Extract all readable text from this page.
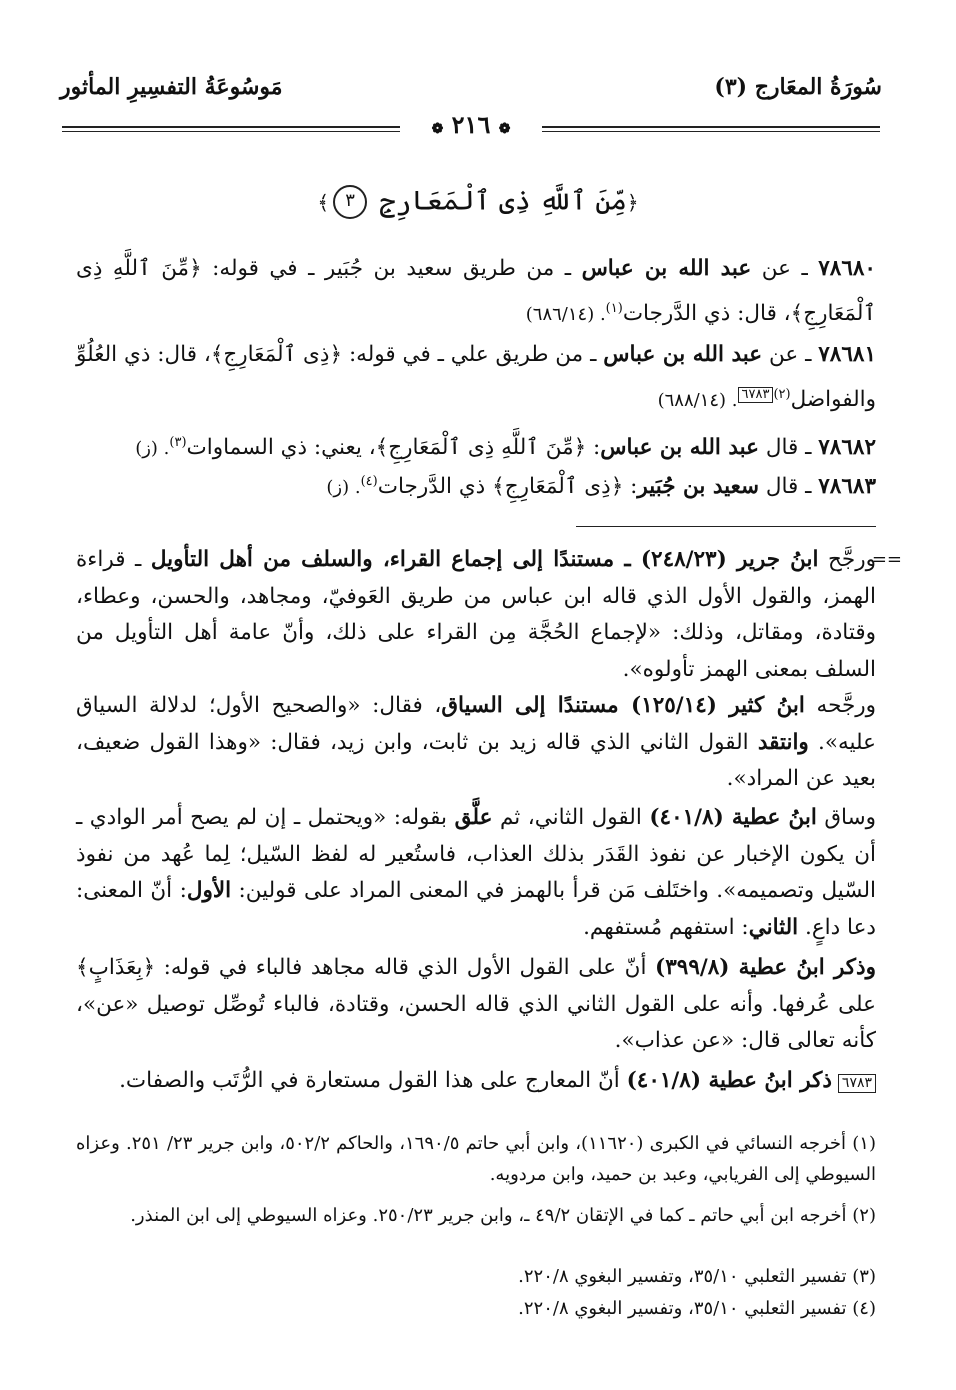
سُورَةُ المعَارج (٣)
مَوسُوعَةُ التفسِيرِ المأثور
❁ ٢١٦ ❁
﴿مِّنَ ٱللَّهِ ذِى ٱلْمَعَارِجِ ٣﴾

٧٨٦٨٠ ـ عن عبد الله بن عباس ـ من طريق سعيد بن جُبَير ـ في قوله: ﴿مِّنَ ٱللَّهِ ذِى ٱلْمَعَارِجِ﴾، قال: ذي الدَّرجات$^{(١)}$. (٦٨٦/١٤)

٧٨٦٨١ ـ عن عبد الله بن عباس ـ من طريق علي ـ في قوله: ﴿ذِى ٱلْمَعَارِجِ﴾، قال: ذي العُلُوِّ والفواضل$^{(٢)}$٦٧٨٣. (٦٨٨/١٤)

٧٨٦٨٢ ـ قال عبد الله بن عباس: ﴿مِّنَ ٱللَّهِ ذِى ٱلْمَعَارِجِ﴾، يعني: ذي السماوات$^{(٣)}$. (ز)

٧٨٦٨٣ ـ قال سعيد بن جُبَير: ﴿ذِى ٱلْمَعَارِجِ﴾ ذي الدَّرجات$^{(٤)}$. (ز)

==

ورجَّح ابنُ جرير (٢٤٨/٢٣) ـ مستندًا إلى إجماع القراء، والسلف من أهل التأويل ـ قراءة الهمز، والقول الأول الذي قاله ابن عباس من طريق العَوفيّ، ومجاهد، والحسن، وعطاء، وقتادة، ومقاتل، وذلك: «لإجماع الحُجَّة مِن القراء على ذلك، وأنّ عامة أهل التأويل من السلف بمعنى الهمز تأولوه».

ورجَّحه ابنُ كثير (١٢٥/١٤) مستندًا إلى السياق، فقال: «والصحيح الأول؛ لدلالة السياق عليه». وانتقد القول الثاني الذي قاله زيد بن ثابت، وابن زيد، فقال: «وهذا القول ضعيف، بعيد عن المراد».

وساق ابنُ عطية (٤٠١/٨) القول الثاني، ثم علَّق بقوله: «ويحتمل ـ إن لم يصح أمر الوادي ـ أن يكون الإخبار عن نفوذ القَدَر بذلك العذاب، فاستُعير له لفظ السّيل؛ لِما عُهد من نفوذ السّيل وتصميمه». واختَلف مَن قرأ بالهمز في المعنى المراد على قولين: الأول: أنّ المعنى: دعا داعٍ. الثاني: استفهم مُستفهم.

وذكر ابنُ عطية (٣٩٩/٨) أنّ على القول الأول الذي قاله مجاهد فالباء في قوله: ﴿بِعَذَابٍ﴾ على عُرفها. وأنه على القول الثاني الذي قاله الحسن، وقتادة، فالباء تُوصِّل توصيل «عن»، كأنه تعالى قال: «عن عذاب».

٦٧٨٣ذكر ابنُ عطية (٤٠١/٨) أنّ المعارج على هذا القول مستعارة في الرُّتَب والصفات.

(١) أخرجه النسائي في الكبرى (١١٦٢٠)، وابن أبي حاتم ١٦٩٠/٥، والحاكم ٥٠٢/٢، وابن جرير ٢٣/ ٢٥١. وعزاه السيوطي إلى الفريابي، وعبد بن حميد، وابن مردويه.

(٢) أخرجه ابن أبي حاتم ـ كما في الإتقان ٤٩/٢ ـ، وابن جرير ٢٥٠/٢٣. وعزاه السيوطي إلى ابن المنذر.

(٣) تفسير الثعلبي ٣٥/١٠، وتفسير البغوي ٢٢٠/٨.

(٤) تفسير الثعلبي ٣٥/١٠، وتفسير البغوي ٢٢٠/٨.
